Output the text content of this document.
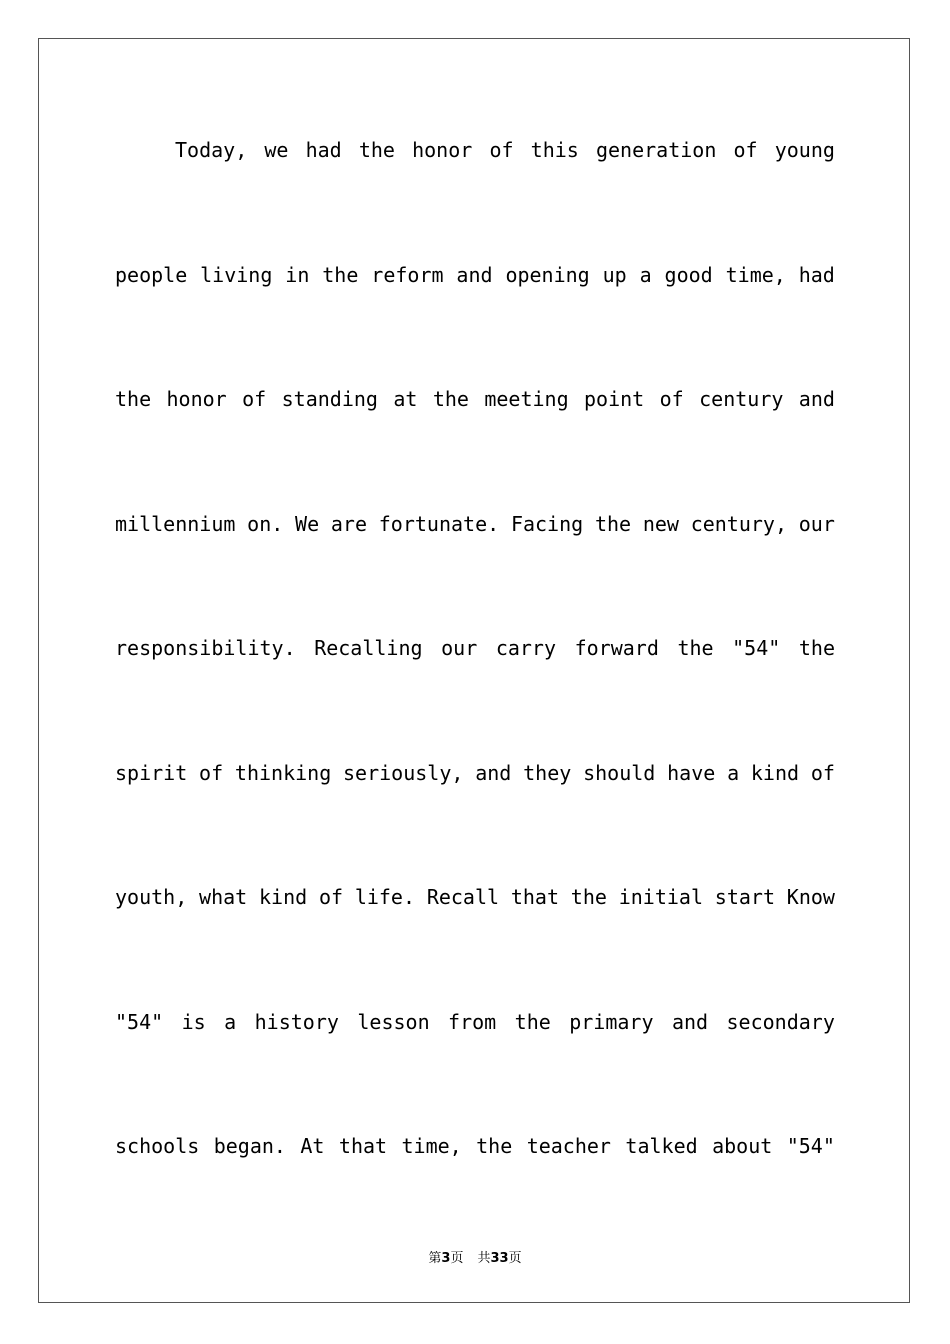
Today, we had the honor of this generation of young
people living in the reform and opening up a good time, had
the honor of standing at the meeting point of century and
millennium on. We are fortunate. Facing the new century, our
responsibility. Recalling our carry forward the "54" the
spirit of thinking seriously, and they should have a kind of
youth, what kind of life. Recall that the initial start Know
"54" is a history lesson from the primary and secondary
schools began. At that time, the teacher talked about "54"
第3页 共33页
